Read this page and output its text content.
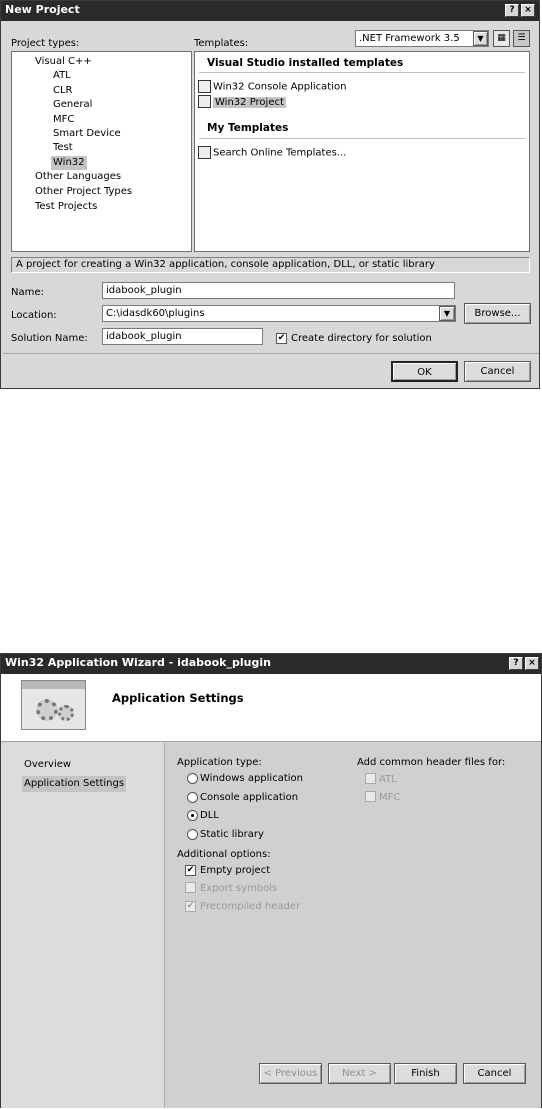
New Project	?	×
Project types:	Templates:	.NET Framework 3.5	▼	▦	☰
Visual C++
ATL
CLR
General
MFC
Smart Device
Test
Win32
Other Languages
Other Project Types
Test Projects
Visual Studio installed templates
Win32 Console Application
Win32 Project
My Templates
Search Online Templates...
A project for creating a Win32 application, console application, DLL, or static library
Name:	idabook_plugin
Location:	C:\idasdk60\plugins	▼	Browse...
Solution Name:	idabook_plugin	✔ Create directory for solution
OK	Cancel
Win32 Application Wizard - idabook_plugin	?	×
Application Settings
Overview
Application Settings
Application type:
Windows application
Console application
DLL
Static library
Additional options:
✔ Empty project
Export symbols
✔ Precompiled header
Add common header files for:
ATL
MFC
< Previous	Next >	Finish	Cancel
